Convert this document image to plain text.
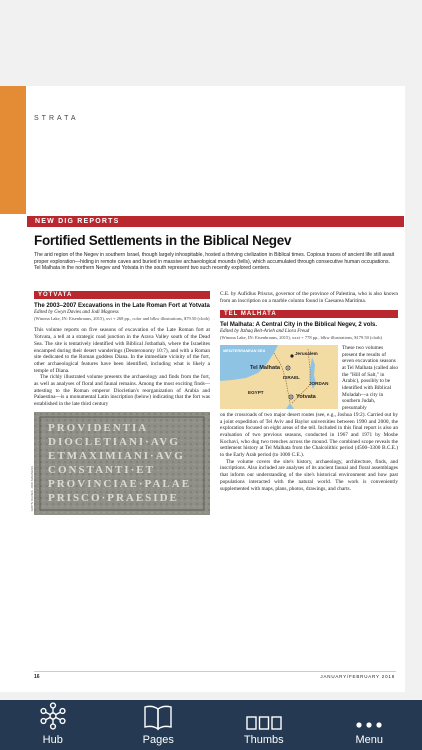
STRATA
NEW DIG REPORTS
Fortified Settlements in the Biblical Negev
The arid region of the Negev in southern Israel, though largely inhospitable, hosted a thriving civilization in Biblical times. Copious traces of ancient life still await proper exploration—hiding in remote caves and buried in massive archaeological mounds (tells), which accumulated through consecutive human occupations. Tel Malhata in the northern Negev and Yotvata in the south represent two such recently explored centers.
YOTVATA
The 2003–2007 Excavations in the Late Roman Fort at Yotvata
Edited by Gwyn Davies and Jodi Magness
(Winona Lake, IN: Eisenbrauns, 2015), xvi + 268 pp., color and b&w illustrations, $79.50 (cloth)

This volume reports on five seasons of excavation of the Late Roman fort at Yotvata, a tell at a strategic road junction in the Arava Valley south of the Dead Sea. The site is tentatively identified with Biblical Jotbathah, where the Israelites encamped during their desert wanderings (Deuteronomy 10:7), and with a Roman site dedicated to the Roman goddess Diana. In the immediate vicinity of the fort, other archaeological features have been identified, including what is likely a temple of Diana.

The richly illustrated volume presents the archaeology and finds from the fort, as well as analyses of floral and faunal remains. Among the most exciting finds—attesting to the Roman emperor Diocletian's reorganization of Arabia and Palaestina—is a monumental Latin inscription (below) indicating that the fort was established in the late third century

PROVIDENTIA
DIOCLETIANI·AVG
ETMAXIMIANI·AVG
CONSTANTI·ET
PROVINCIAE·PALAE
PRISCO·PRAESIDE
GWYN DAVIES, JODI MAGNESS

C.E. by Aufidius Priscus, governor of the province of Palestina, who is also known from an inscription on a marble column found in Caesarea Maritima.

TEL MALHATA
Tel Malhata: A Central City in the Biblical Negev, 2 vols.
Edited by Itzhaq Beit-Arieh and Liora Freud
(Winona Lake, IN: Eisenbrauns, 2015), xxxi + 778 pp., b&w illustrations, $179.50 (cloth)
MEDITERRANEAN SEA	Jerusalem
Tel Malhata
ISRAEL
JORDAN
EGYPT
Yotvata

These two volumes present the results of seven excavation seasons at Tel Malhata (called also the "Hill of Salt," in Arabic), possibly to be identified with Biblical Moladah—a city in southern Judah, presumably

on the crossroads of two major desert routes (see, e.g., Joshua 19:2). Carried out by a joint expedition of Tel Aviv and Baylor universities between 1990 and 2000, the exploration focused on eight areas of the tell. Included in this final report is also an evaluation of two previous seasons, conducted in 1967 and 1971 by Moshe Kochavi, who dug two trenches across the mound. The combined scope reveals the settlement history at Tel Malhata from the Chalcolithic period (4500–3300 B.C.E.) to the Early Arab period (to 1000 C.E.).

The volume covers the site's history, archaeology, architecture, finds, and inscriptions. Also included are analyses of its ancient faunal and floral assemblages that inform our understanding of the site's historical environment and how past populations interacted with the natural world. The work is conveniently supplemented with maps, plans, photos, drawings, and charts.

16	JANUARY/FEBRUARY 2018
Hub	Pages	Thumbs	Menu
